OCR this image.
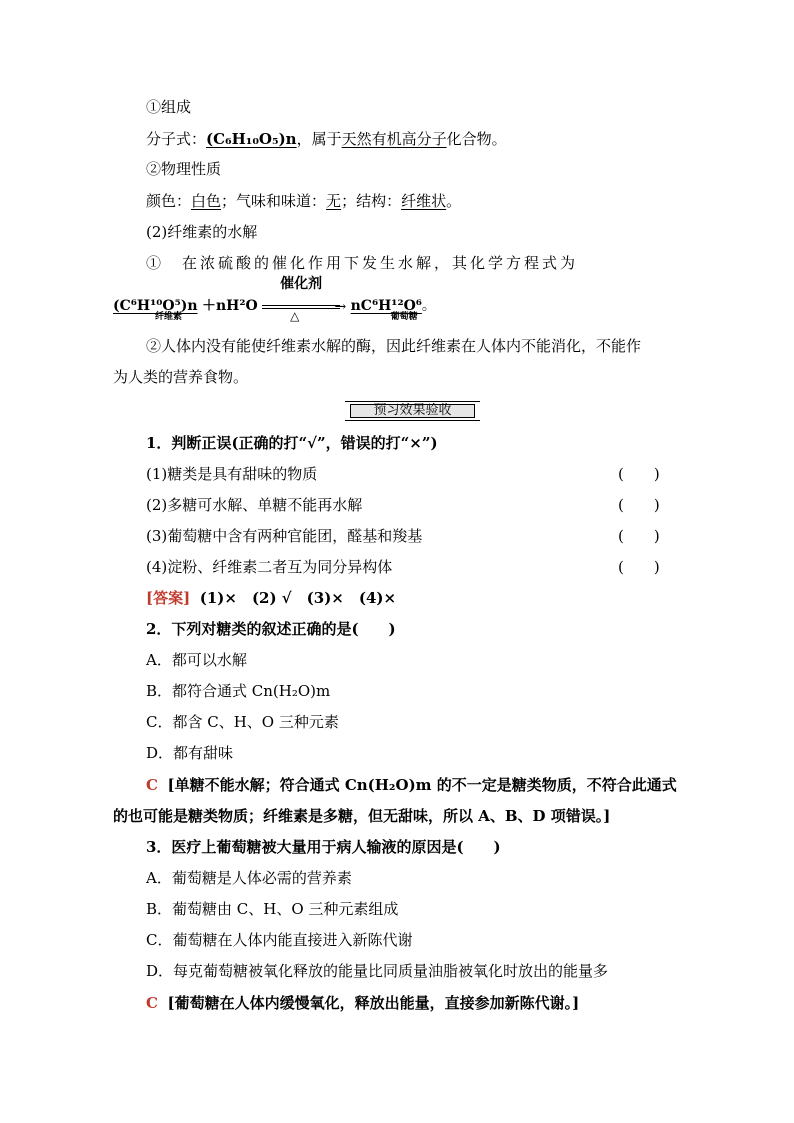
①组成
分子式：(C₆H₁₀O₅)n，属于天然有机高分子化合物。
②物理性质
颜色：白色；气味和味道：无；结构：纤维状。
(2)纤维素的水解
①　在浓硫酸的催化作用下发生水解，其化学方程式为
(C⁶H¹⁰O⁵)n
纤维素
＋nH²O
催化剂
△
→ nC⁶H¹²O⁶
葡萄糖
。
②人体内没有能使纤维素水解的酶，因此纤维素在人体内不能消化，不能作
为人类的营养食物。
预习效果验收
1．判断正误(正确的打“√”，错误的打“×”)
(1)糖类是具有甜味的物质	(　　)
(2)多糖可水解、单糖不能再水解	(　　)
(3)葡萄糖中含有两种官能团，醛基和羧基	(　　)
(4)淀粉、纤维素二者互为同分异构体	(　　)
[答案] (1)×　(2) √　(3)×　(4)×
2．下列对糖类的叙述正确的是(　　)
A．都可以水解
B．都符合通式 Cn(H₂O)m
C．都含 C、H、O 三种元素
D．都有甜味
C [单糖不能水解；符合通式 Cn(H₂O)m 的不一定是糖类物质，不符合此通式
的也可能是糖类物质；纤维素是多糖，但无甜味，所以 A、B、D 项错误。]
3．医疗上葡萄糖被大量用于病人输液的原因是(　　)
A．葡萄糖是人体必需的营养素
B．葡萄糖由 C、H、O 三种元素组成
C．葡萄糖在人体内能直接进入新陈代谢
D．每克葡萄糖被氧化释放的能量比同质量油脂被氧化时放出的能量多
C [葡萄糖在人体内缓慢氧化，释放出能量，直接参加新陈代谢。]
